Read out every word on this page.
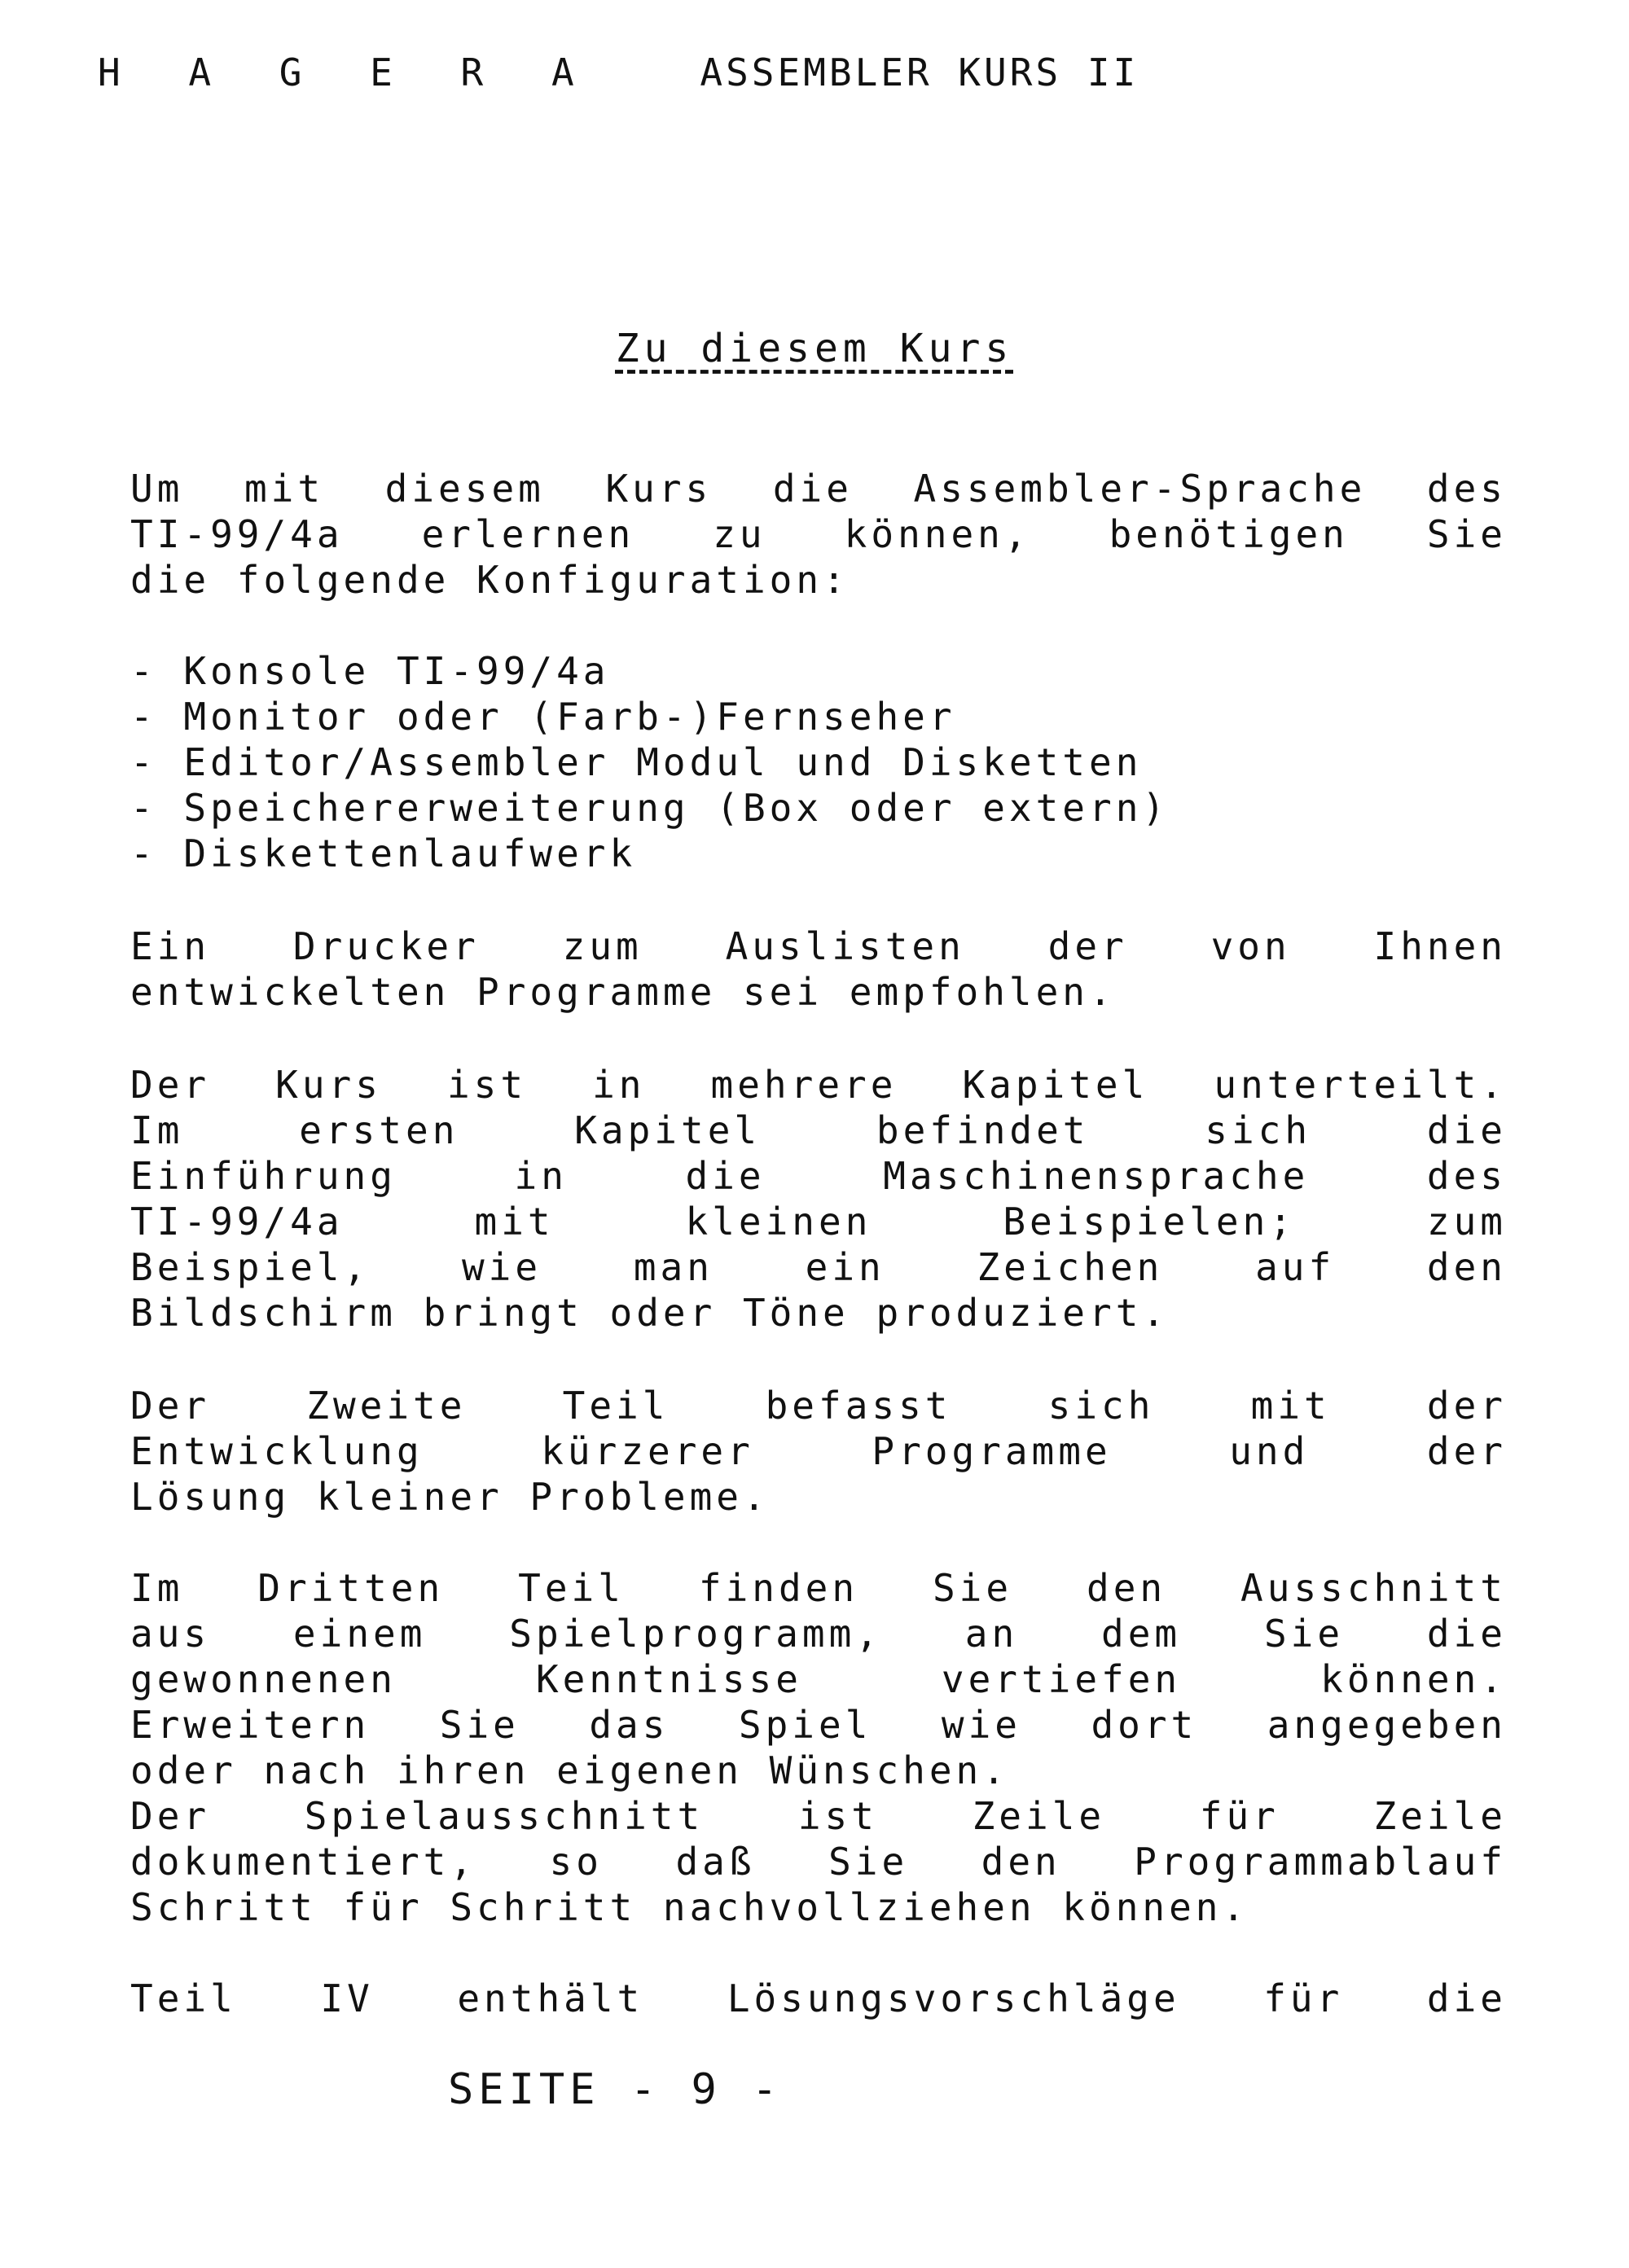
H A G E R A	ASSEMBLER KURS II
Zu diesem Kurs
Um mit diesem Kurs die Assembler-Sprache des
TI-99/4a erlernen zu können, benötigen Sie
die folgende Konfiguration:
- Konsole TI-99/4a
- Monitor oder (Farb-)Fernseher
- Editor/Assembler Modul und Disketten
- Speichererweiterung (Box oder extern)
- Diskettenlaufwerk
Ein Drucker zum Auslisten der von Ihnen
entwickelten Programme sei empfohlen.
Der Kurs ist in mehrere Kapitel unterteilt.
Im ersten Kapitel befindet sich die
Einführung in die Maschinensprache des
TI-99/4a mit kleinen Beispielen; zum
Beispiel, wie man ein Zeichen auf den
Bildschirm bringt oder Töne produziert.
Der Zweite Teil befasst sich mit der
Entwicklung kürzerer Programme und der
Lösung kleiner Probleme.
Im Dritten Teil finden Sie den Ausschnitt
aus einem Spielprogramm, an dem Sie die
gewonnenen Kenntnisse vertiefen können.
Erweitern Sie das Spiel wie dort angegeben
oder nach ihren eigenen Wünschen.
Der Spielausschnitt ist Zeile für Zeile
dokumentiert, so daß Sie den Programmablauf
Schritt für Schritt nachvollziehen können.
Teil IV enthält Lösungsvorschläge für die
SEITE - 9 -
